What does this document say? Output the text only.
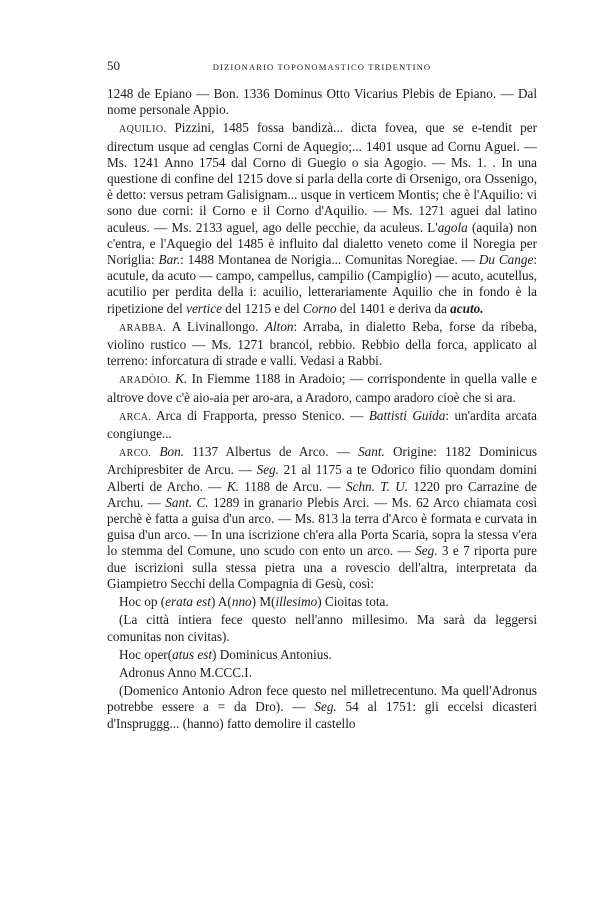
50	DIZIONARIO TOPONOMASTICO TRIDENTINO

1248 de Epiano — Bon. 1336 Dominus Otto Vicarius Plebis de Epiano. — Dal nome personale Appio.

AQUILIO. Pizzini, 1485 fossa bandizà... dicta fovea, que se e-tendit per directum usque ad cenglas Corni de Aquegio;... 1401 usque ad Cornu Aguei. — Ms. 1241 Anno 1754 dal Corno di Guegio o sia Agogio. — Ms. 1. . In una questione di confine del 1215 dove si parla della corte di Orsenigo, ora Ossenigo, è detto: versus petram Galisignam... usque in verticem Montis; che è l'Aquilio: vi sono due corni: il Corno e il Corno d'Aquilio. — Ms. 1271 aguei dal latino aculeus. — Ms. 2133 aguel, ago delle pecchie, da aculeus. L'agola (aquila) non c'entra, e l'Aquegio del 1485 è influito dal dialetto veneto come il Noregia per Noriglia: Bar.: 1488 Montanea de Norigia... Comunitas Noregiae. — Du Cange: acutule, da acuto — campo, campellus, campilio (Campiglio) — acuto, acutellus, acutilio per perdita della i: acuilio, letterariamente Aquilio che in fondo è la ripetizione del vertice del 1215 e del Corno del 1401 e deriva da acuto.

ARABBA. A Livinallongo. Alton: Arraba, in dialetto Reba, forse da ribeba, violino rustico — Ms. 1271 brancol, rebbio. Rebbio della forca, applicato al terreno: inforcatura di strade e valli. Vedasi a Rabbi.

ARADÒIO. K. In Fiemme 1188 in Aradoio; — corrispondente in quella valle e altrove dove c'è aio-aia per aro-ara, a Aradoro, campo aradoro cioè che si ara.

ARCA. Arca di Frapporta, presso Stenico. — Battisti Guida: un'ardita arcata congiunge...

ARCO. Bon. 1137 Albertus de Arco. — Sant. Origine: 1182 Dominicus Archipresbiter de Arcu. — Seg. 21 al 1175 a te Odorico filio quondam domini Alberti de Archo. — K. 1188 de Arcu. — Schn. T. U. 1220 pro Carrazine de Archu. — Sant. C. 1289 in granario Plebis Arci. — Ms. 62 Arco chiamata così perchè è fatta a guisa d'un arco. — Ms. 813 la terra d'Arco è formata e curvata in guisa d'un arco. — In una iscrizione ch'era alla Porta Scaria, sopra la stessa v'era lo stemma del Comune, uno scudo con ento un arco. — Seg. 3 e 7 riporta pure due iscrizioni sulla stessa pietra una a rovescio dell'altra, interpretata da Giampietro Secchi della Compagnia di Gesù, così:

Hoc op (erata est) A(nno) M(illesimo) Cioitas tota.

(La città intiera fece questo nell'anno millesimo. Ma sarà da leggersi comunitas non civitas).

Hoc oper(atus est) Dominicus Antonius.

Adronus Anno M.CCC.I.

(Domenico Antonio Adron fece questo nel milletrecentuno. Ma quell'Adronus potrebbe essere a = da Dro). — Seg. 54 al 1751: gli eccelsi dicasteri d'Inspruggg... (hanno) fatto demolire il castello
